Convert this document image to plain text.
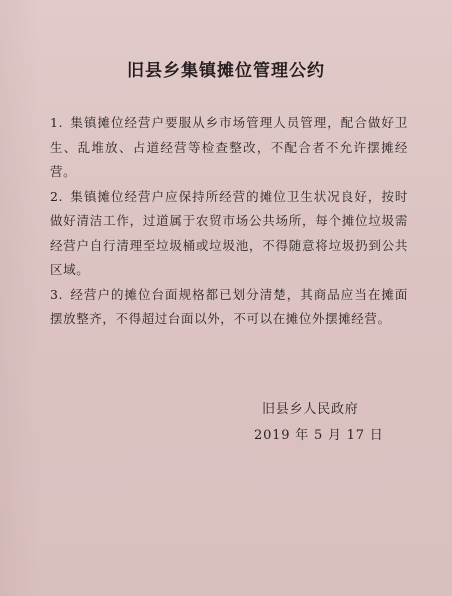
旧县乡集镇摊位管理公约

1. 集镇摊位经营户要服从乡市场管理人员管理，配合做好卫生、乱堆放、占道经营等检查整改，不配合者不允许摆摊经营。

2. 集镇摊位经营户应保持所经营的摊位卫生状况良好，按时做好清洁工作，过道属于农贸市场公共场所，每个摊位垃圾需经营户自行清理至垃圾桶或垃圾池，不得随意将垃圾扔到公共区域。

3. 经营户的摊位台面规格都已划分清楚，其商品应当在摊面摆放整齐，不得超过台面以外，不可以在摊位外摆摊经营。

旧县乡人民政府
2019 年 5 月 17 日
